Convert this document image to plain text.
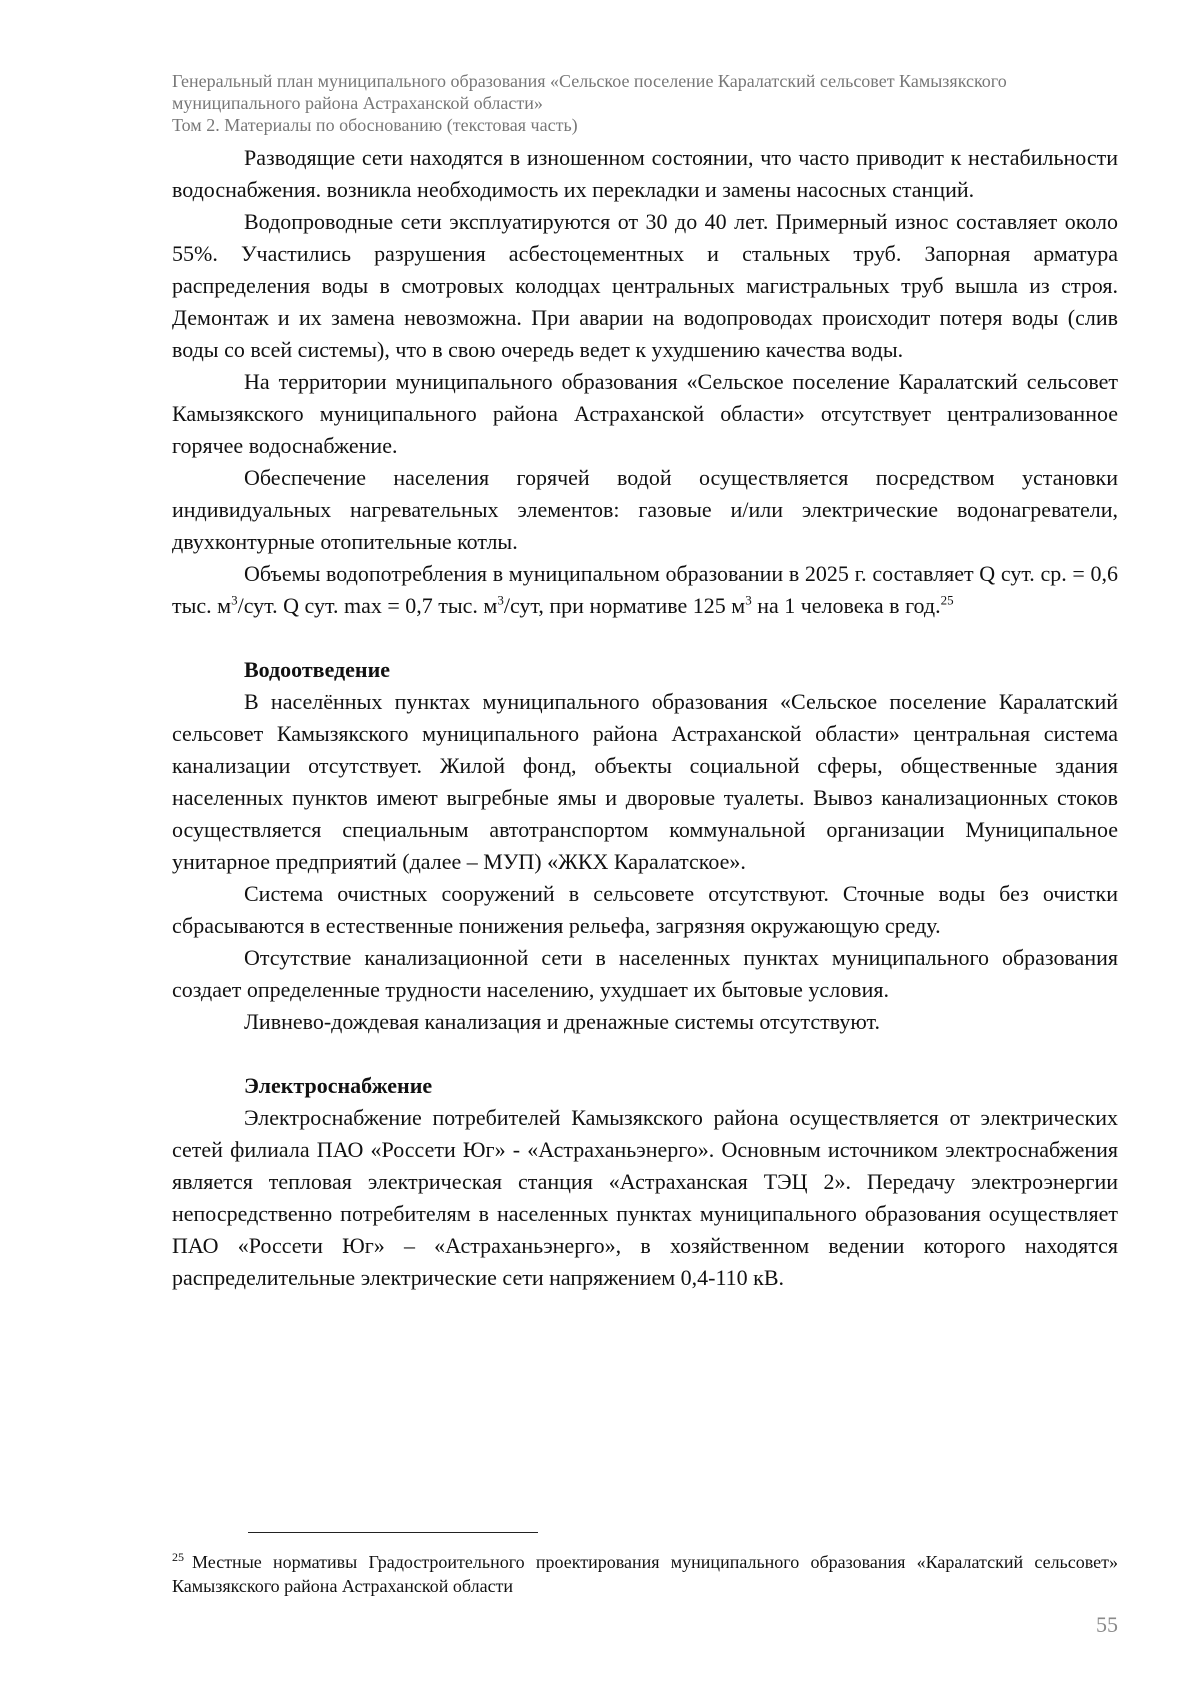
Генеральный план муниципального образования «Сельское поселение Каралатский сельсовет Камызякского
муниципального района Астраханской области»
Том 2. Материалы по обоснованию (текстовая часть)

Разводящие сети находятся в изношенном состоянии, что часто приводит к нестабильности водоснабжения. возникла необходимость их перекладки и замены насосных станций.

Водопроводные сети эксплуатируются от 30 до 40 лет. Примерный износ составляет около 55%. Участились разрушения асбестоцементных и стальных труб. Запорная арматура распределения воды в смотровых колодцах центральных магистральных труб вышла из строя. Демонтаж и их замена невозможна. При аварии на водопроводах происходит потеря воды (слив воды со всей системы), что в свою очередь ведет к ухудшению качества воды.

На территории муниципального образования «Сельское поселение Каралатский сельсовет Камызякского муниципального района Астраханской области» отсутствует централизованное горячее водоснабжение.

Обеспечение населения горячей водой осуществляется посредством установки индивидуальных нагревательных элементов: газовые и/или электрические водонагреватели, двухконтурные отопительные котлы.

Объемы водопотребления в муниципальном образовании в 2025 г. составляет Q сут. ср. = 0,6 тыс. $м^3$/сут. Q сут. max = 0,7 тыс. $м^3$/сут, при нормативе 125 $м^3$ на 1 человека в год.$^{25}$

Водоотведение

В населённых пунктах муниципального образования «Сельское поселение Каралатский сельсовет Камызякского муниципального района Астраханской области» центральная система канализации отсутствует. Жилой фонд, объекты социальной сферы, общественные здания населенных пунктов имеют выгребные ямы и дворовые туалеты. Вывоз канализационных стоков осуществляется специальным автотранспортом коммунальной организации Муниципальное унитарное предприятий (далее – МУП) «ЖКХ Каралатское».

Система очистных сооружений в сельсовете отсутствуют. Сточные воды без очистки сбрасываются в естественные понижения рельефа, загрязняя окружающую среду.

Отсутствие канализационной сети в населенных пунктах муниципального образования создает определенные трудности населению, ухудшает их бытовые условия.

Ливнево-дождевая канализация и дренажные системы отсутствуют.

Электроснабжение

Электроснабжение потребителей Камызякского района осуществляется от электрических сетей филиала ПАО «Россети Юг» - «Астраханьэнерго». Основным источником электроснабжения является тепловая электрическая станция «Астраханская ТЭЦ 2». Передачу электроэнергии непосредственно потребителям в населенных пунктах муниципального образования осуществляет ПАО «Россети Юг» – «Астраханьэнерго», в хозяйственном ведении которого находятся распределительные электрические сети напряжением 0,4-110 кВ.

$^{25}$ Местные нормативы Градостроительного проектирования муниципального образования «Каралатский сельсовет» Камызякского района Астраханской области
55
